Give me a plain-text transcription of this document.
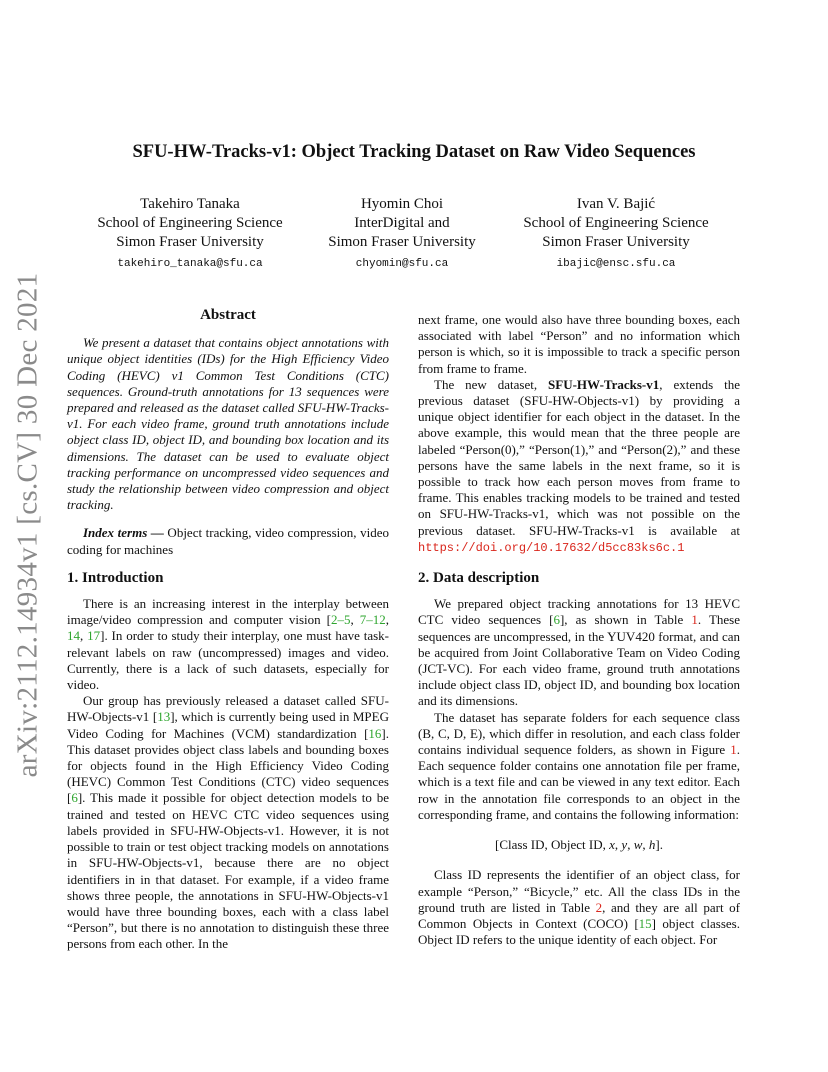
arXiv:2112.14934v1 [cs.CV] 30 Dec 2021
SFU-HW-Tracks-v1: Object Tracking Dataset on Raw Video Sequences
Takehiro Tanaka
School of Engineering Science
Simon Fraser University
takehiro_tanaka@sfu.ca
Hyomin Choi
InterDigital and
Simon Fraser University
chyomin@sfu.ca
Ivan V. Bajić
School of Engineering Science
Simon Fraser University
ibajic@ensc.sfu.ca
Abstract

We present a dataset that contains object annotations with unique object identities (IDs) for the High Efficiency Video Coding (HEVC) v1 Common Test Conditions (CTC) sequences. Ground-truth annotations for 13 sequences were prepared and released as the dataset called SFU-HW-Tracks-v1. For each video frame, ground truth annotations include object class ID, object ID, and bounding box location and its dimensions. The dataset can be used to evaluate object tracking performance on uncompressed video sequences and study the relationship between video compression and object tracking.

Index terms — Object tracking, video compression, video coding for machines

1. Introduction

There is an increasing interest in the interplay between image/video compression and computer vision [2–5, 7–12, 14, 17]. In order to study their interplay, one must have task-relevant labels on raw (uncompressed) images and video. Currently, there is a lack of such datasets, especially for video.

Our group has previously released a dataset called SFU-HW-Objects-v1 [13], which is currently being used in MPEG Video Coding for Machines (VCM) standardization [16]. This dataset provides object class labels and bounding boxes for objects found in the High Efficiency Video Coding (HEVC) Common Test Conditions (CTC) video sequences [6]. This made it possible for object detection models to be trained and tested on HEVC CTC video sequences using labels provided in SFU-HW-Objects-v1. However, it is not possible to train or test object tracking models on annotations in SFU-HW-Objects-v1, because there are no object identifiers in in that dataset. For example, if a video frame shows three people, the annotations in SFU-HW-Objects-v1 would have three bounding boxes, each with a class label “Person”, but there is no annotation to distinguish these three persons from each other. In the

next frame, one would also have three bounding boxes, each associated with label “Person” and no information which person is which, so it is impossible to track a specific person from frame to frame.

The new dataset, SFU-HW-Tracks-v1, extends the previous dataset (SFU-HW-Objects-v1) by providing a unique object identifier for each object in the dataset. In the above example, this would mean that the three people are labeled “Person(0),” “Person(1),” and “Person(2),” and these persons have the same labels in the next frame, so it is possible to track how each person moves from frame to frame. This enables tracking models to be trained and tested on SFU-HW-Tracks-v1, which was not possible on the previous dataset. SFU-HW-Tracks-v1 is available at https://doi.org/10.17632/d5cc83ks6c.1

2. Data description

We prepared object tracking annotations for 13 HEVC CTC video sequences [6], as shown in Table 1. These sequences are uncompressed, in the YUV420 format, and can be acquired from Joint Collaborative Team on Video Coding (JCT-VC). For each video frame, ground truth annotations include object class ID, object ID, and bounding box location and its dimensions.

The dataset has separate folders for each sequence class (B, C, D, E), which differ in resolution, and each class folder contains individual sequence folders, as shown in Figure 1. Each sequence folder contains one annotation file per frame, which is a text file and can be viewed in any text editor. Each row in the annotation file corresponds to an object in the corresponding frame, and contains the following information:

[Class ID, Object ID, x, y, w, h].

Class ID represents the identifier of an object class, for example “Person,” “Bicycle,” etc. All the class IDs in the ground truth are listed in Table 2, and they are all part of Common Objects in Context (COCO) [15] object classes. Object ID refers to the unique identity of each object. For
